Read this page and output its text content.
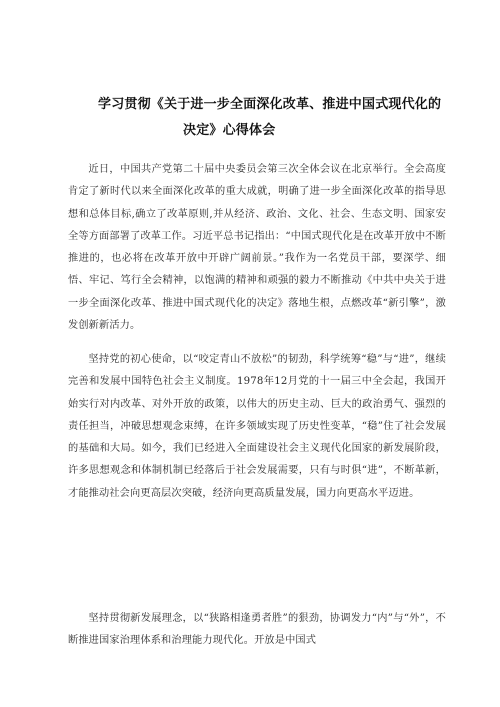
学习贯彻《关于进一步全面深化改革、推进中国式现代化的
决定》心得体会

近日，中国共产党第二十届中央委员会第三次全体会议在北京举行。全会高度肯定了新时代以来全面深化改革的重大成就，明确了进一步全面深化改革的指导思想和总体目标,确立了改革原则,并从经济、政治、文化、社会、生态文明、国家安全等方面部署了改革工作。习近平总书记指出：“中国式现代化是在改革开放中不断推进的，也必将在改革开放中开辟广阔前景。”我作为一名党员干部，要深学、细悟、牢记、笃行全会精神，以饱满的精神和顽强的毅力不断推动《中共中央关于进一步全面深化改革、推进中国式现代化的决定》落地生根，点燃改革“新引擎”，激发创新新活力。

坚持党的初心使命，以“咬定青山不放松”的韧劲，科学统筹“稳”与“进”，继续完善和发展中国特色社会主义制度。1978年12月党的十一届三中全会起，我国开始实行对内改革、对外开放的政策，以伟大的历史主动、巨大的政治勇气、强烈的责任担当，冲破思想观念束缚，在许多领域实现了历史性变革，“稳”住了社会发展的基础和大局。如今，我们已经进入全面建设社会主义现代化国家的新发展阶段，许多思想观念和体制机制已经落后于社会发展需要，只有与时俱“进”，不断革新，才能推动社会向更高层次突破，经济向更高质量发展，国力向更高水平迈进。

坚持贯彻新发展理念，以“狭路相逢勇者胜”的狠劲，协调发力“内”与“外”，不断推进国家治理体系和治理能力现代化。开放是中国式
